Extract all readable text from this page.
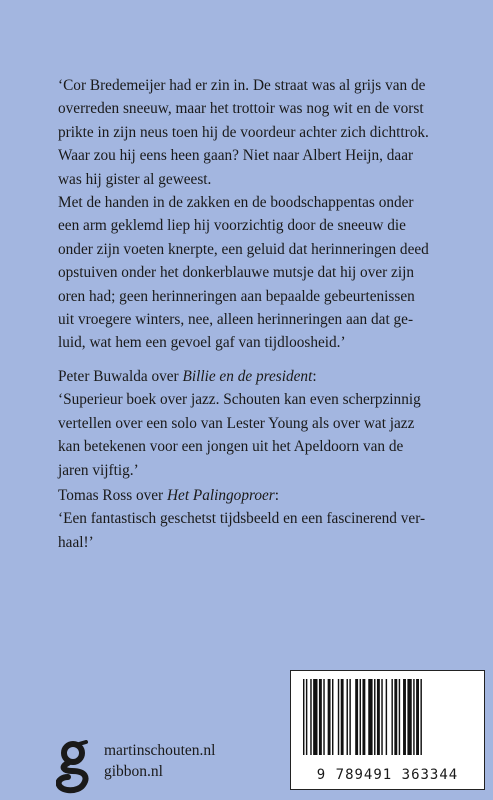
‘Cor Bredemeijer had er zin in. De straat was al grijs van de

overreden sneeuw, maar het trottoir was nog wit en de vorst

prikte in zijn neus toen hij de voordeur achter zich dichttrok.

Waar zou hij eens heen gaan? Niet naar Albert Heijn, daar

was hij gister al geweest.

Met de handen in de zakken en de boodschappentas onder

een arm geklemd liep hij voorzichtig door de sneeuw die

onder zijn voeten knerpte, een geluid dat herinneringen deed

opstuiven onder het donkerblauwe mutsje dat hij over zijn

oren had; geen herinneringen aan bepaalde gebeurtenissen

uit vroegere winters, nee, alleen herinneringen aan dat ge-

luid, wat hem een gevoel gaf van tijdloosheid.’

Peter Buwalda over Billie en de president:

‘Superieur boek over jazz. Schouten kan even scherpzinnig

vertellen over een solo van Lester Young als over wat jazz

kan betekenen voor een jongen uit het Apeldoorn van de

jaren vijftig.’

Tomas Ross over Het Palingoproer:

‘Een fantastisch geschetst tijdsbeeld en een fascinerend ver-

haal!’

martinschouten.nl
gibbon.nl	9 789491 363344
